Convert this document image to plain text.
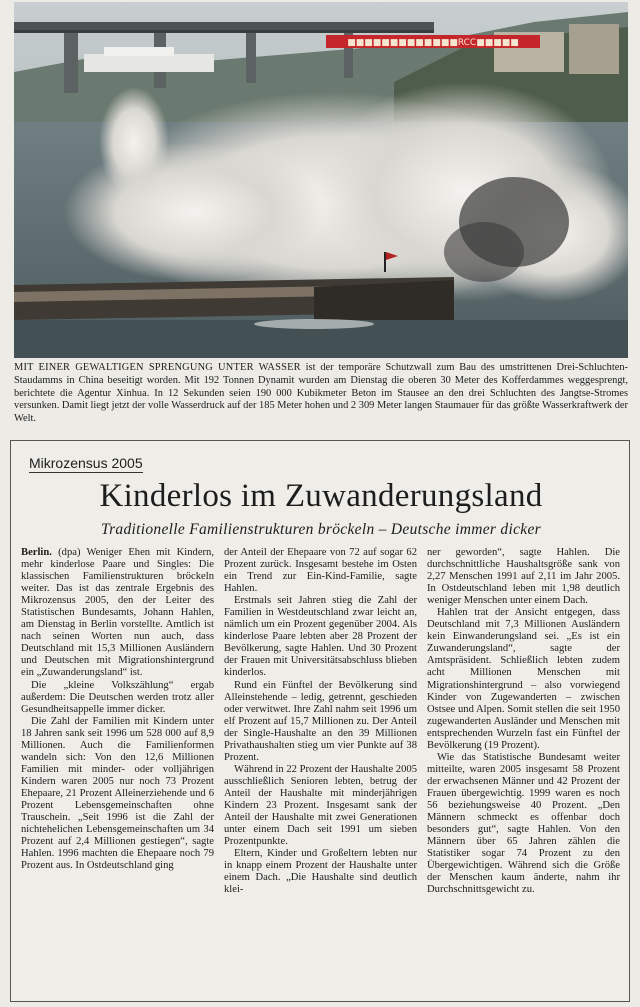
■■■■■■■■■■■■■RCC■■■■■
MIT EINER GEWALTIGEN SPRENGUNG UNTER WASSER ist der temporäre Schutzwall zum Bau des umstrittenen Drei-Schluchten-Staudamms in China beseitigt worden. Mit 192 Tonnen Dynamit wurden am Dienstag die oberen 30 Meter des Kofferdammes weggesprengt, berichtete die Agentur Xinhua. In 12 Sekunden seien 190 000 Kubikmeter Beton im Stausee an den drei Schluchten des Jangtse-Stromes versunken. Damit liegt jetzt der volle Wasserdruck auf der 185 Meter hohen und 2 309 Meter langen Staumauer für das größte Wasserkraftwerk der Welt.
Mikrozensus 2005
Kinderlos im Zuwanderungsland
Traditionelle Familienstrukturen bröckeln – Deutsche immer dicker

Berlin. (dpa) Weniger Ehen mit Kindern, mehr kinderlose Paare und Singles: Die klassischen Familienstrukturen bröckeln weiter. Das ist das zentrale Ergebnis des Mikrozensus 2005, den der Leiter des Statistischen Bundesamts, Johann Hahlen, am Dienstag in Berlin vorstellte. Amtlich ist nach seinen Worten nun auch, dass Deutschland mit 15,3 Millionen Ausländern und Deutschen mit Migrationshintergrund ein „Zuwanderungsland“ ist.

Die „kleine Volkszählung“ ergab außerdem: Die Deutschen werden trotz aller Gesundheitsappelle immer dicker.

Die Zahl der Familien mit Kindern unter 18 Jahren sank seit 1996 um 528 000 auf 8,9 Millionen. Auch die Familienformen wandeln sich: Von den 12,6 Millionen Familien mit minder- oder volljährigen Kindern waren 2005 nur noch 73 Prozent Ehepaare, 21 Prozent Alleinerziehende und 6 Prozent Lebensgemeinschaften ohne Trauschein. „Seit 1996 ist die Zahl der nichtehelichen Lebensgemeinschaften um 34 Prozent auf 2,4 Millionen gestiegen“, sagte Hahlen. 1996 machten die Ehepaare noch 79 Prozent aus. In Ostdeutschland ging

der Anteil der Ehepaare von 72 auf sogar 62 Prozent zurück. Insgesamt bestehe im Osten ein Trend zur Ein-Kind-Familie, sagte Hahlen.

Erstmals seit Jahren stieg die Zahl der Familien in Westdeutschland zwar leicht an, nämlich um ein Prozent gegenüber 2004. Als kinderlose Paare lebten aber 28 Prozent der Bevölkerung, sagte Hahlen. Und 30 Prozent der Frauen mit Universitätsabschluss blieben kinderlos.

Rund ein Fünftel der Bevölkerung sind Alleinstehende – ledig, getrennt, geschieden oder verwitwet. Ihre Zahl nahm seit 1996 um elf Prozent auf 15,7 Millionen zu. Der Anteil der Single-Haushalte an den 39 Millionen Privathaushalten stieg um vier Punkte auf 38 Prozent.

Während in 22 Prozent der Haushalte 2005 ausschließlich Senioren lebten, betrug der Anteil der Haushalte mit minderjährigen Kindern 23 Prozent. Insgesamt sank der Anteil der Haushalte mit zwei Generationen unter einem Dach seit 1991 um sieben Prozentpunkte.

Eltern, Kinder und Großeltern lebten nur in knapp einem Prozent der Haushalte unter einem Dach. „Die Haushalte sind deutlich klei-

ner geworden“, sagte Hahlen. Die durchschnittliche Haushaltsgröße sank von 2,27 Menschen 1991 auf 2,11 im Jahr 2005. In Ostdeutschland leben mit 1,98 deutlich weniger Menschen unter einem Dach.

Hahlen trat der Ansicht entgegen, dass Deutschland mit 7,3 Millionen Ausländern kein Einwanderungsland sei. „Es ist ein Zuwanderungsland“, sagte der Amtspräsident. Schließlich lebten zudem acht Millionen Menschen mit Migrationshintergrund – also vorwiegend Kinder von Zugewanderten – zwischen Ostsee und Alpen. Somit stellen die seit 1950 zugewanderten Ausländer und Menschen mit entsprechenden Wurzeln fast ein Fünftel der Bevölkerung (19 Prozent).

Wie das Statistische Bundesamt weiter mitteilte, waren 2005 insgesamt 58 Prozent der erwachsenen Männer und 42 Prozent der Frauen übergewichtig. 1999 waren es noch 56 beziehungsweise 40 Prozent. „Den Männern schmeckt es offenbar doch besonders gut“, sagte Hahlen. Von den Männern über 65 Jahren zählen die Statistiker sogar 74 Prozent zu den Übergewichtigen. Während sich die Größe der Menschen kaum änderte, nahm ihr Durchschnittsgewicht zu.
